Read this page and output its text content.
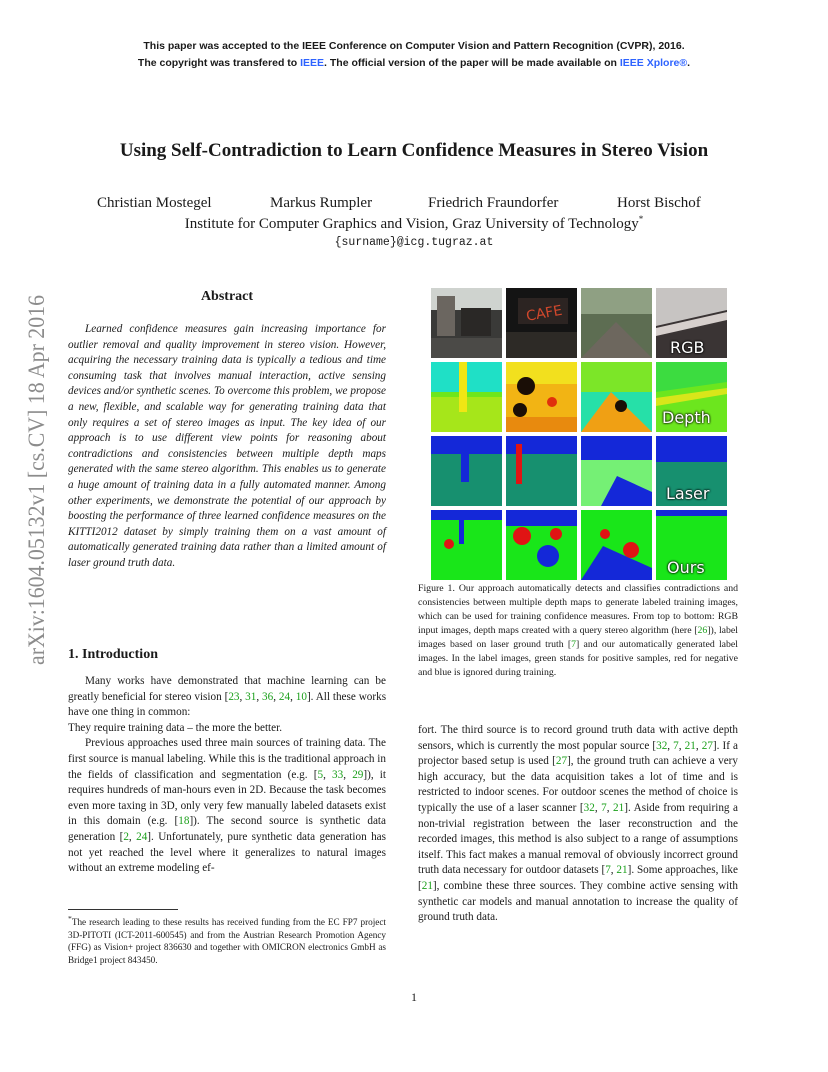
This paper was accepted to the IEEE Conference on Computer Vision and Pattern Recognition (CVPR), 2016.
The copyright was transfered to IEEE. The official version of the paper will be made available on IEEE Xplore®.
Using Self-Contradiction to Learn Confidence Measures in Stereo Vision
Christian Mostegel	Markus Rumpler	Friedrich Fraundorfer	Horst Bischof
Institute for Computer Graphics and Vision, Graz University of Technology*
{surname}@icg.tugraz.at
arXiv:1604.05132v1 [cs.CV] 18 Apr 2016	Abstract

Learned confidence measures gain increasing importance for outlier removal and quality improvement in stereo vision. However, acquiring the necessary training data is typically a tedious and time consuming task that involves manual interaction, active sensing devices and/or synthetic scenes. To overcome this problem, we propose a new, flexible, and scalable way for generating training data that only requires a set of stereo images as input. The key idea of our approach is to use different view points for reasoning about contradictions and consistencies between multiple depth maps generated with the same stereo algorithm. This enables us to generate a huge amount of training data in a fully automated manner. Among other experiments, we demonstrate the potential of our approach by boosting the performance of three learned confidence measures on the KITTI2012 dataset by simply training them on a vast amount of automatically generated training data rather than a limited amount of laser ground truth data.

1. Introduction

Many works have demonstrated that machine learning can be greatly beneficial for stereo vision [23, 31, 36, 24, 10]. All these works have one thing in common:

They require training data – the more the better.

Previous approaches used three main sources of training data. The first source is manual labeling. While this is the traditional approach in the fields of classification and segmentation (e.g. [5, 33, 29]), it requires hundreds of man-hours even in 2D. Because the task becomes even more taxing in 3D, only very few manually labeled datasets exist in this domain (e.g. [18]). The second source is synthetic data generation [2, 24]. Unfortunately, pure synthetic data generation has not yet reached the level where it generalizes to natural images without an extreme modeling ef-

*The research leading to these results has received funding from the EC FP7 project 3D-PITOTI (ICT-2011-600545) and from the Austrian Research Promotion Agency (FFG) as Vision+ project 836630 and together with OMICRON electronics GmbH as Bridge1 project 843450.
CAFE
RGB
Depth
Laser
Ours
Figure 1. Our approach automatically detects and classifies contradictions and consistencies between multiple depth maps to generate labeled training images, which can be used for training confidence measures. From top to bottom: RGB input images, depth maps created with a query stereo algorithm (here [26]), label images based on laser ground truth [7] and our automatically generated label images. In the label images, green stands for positive samples, red for negative and blue is ignored during training.

fort. The third source is to record ground truth data with active depth sensors, which is currently the most popular source [32, 7, 21, 27]. If a projector based setup is used [27], the ground truth can achieve a very high accuracy, but the data acquisition takes a lot of time and is restricted to indoor scenes. For outdoor scenes the method of choice is typically the use of a laser scanner [32, 7, 21]. Aside from requiring a non-trivial registration between the laser reconstruction and the recorded images, this method is also subject to a range of assumptions itself. This fact makes a manual removal of obviously incorrect ground truth data necessary for outdoor datasets [7, 21]. Some approaches, like [21], combine these three sources. They combine active sensing with synthetic car models and manual annotation to increase the quality of ground truth data.

1
